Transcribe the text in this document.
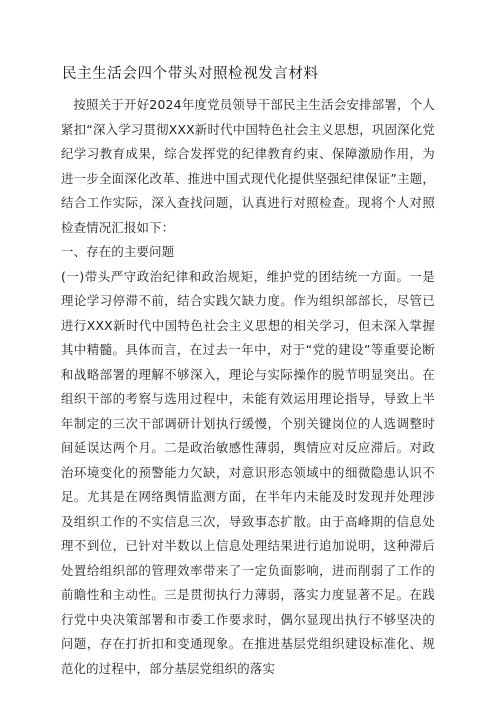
民主生活会四个带头对照检视发言材料

按照关于开好2024年度党员领导干部民主生活会安排部署，个人紧扣“深入学习贯彻XXX新时代中国特色社会主义思想，巩固深化党纪学习教育成果，综合发挥党的纪律教育约束、保障激励作用，为进一步全面深化改革、推进中国式现代化提供坚强纪律保证”主题，结合工作实际，深入查找问题，认真进行对照检查。现将个人对照检查情况汇报如下：

一、存在的主要问题

(一)带头严守政治纪律和政治规矩，维护党的团结统一方面。一是理论学习停滞不前，结合实践欠缺力度。作为组织部部长，尽管已进行XXX新时代中国特色社会主义思想的相关学习，但未深入掌握其中精髓。具体而言，在过去一年中，对于“党的建设”等重要论断和战略部署的理解不够深入，理论与实际操作的脱节明显突出。在组织干部的考察与选用过程中，未能有效运用理论指导，导致上半年制定的三次干部调研计划执行缓慢，个别关键岗位的人选调整时间延误达两个月。二是政治敏感性薄弱，舆情应对反应滞后。对政治环境变化的预警能力欠缺，对意识形态领域中的细微隐患认识不足。尤其是在网络舆情监测方面，在半年内未能及时发现并处理涉及组织工作的不实信息三次，导致事态扩散。由于高峰期的信息处理不到位，已针对半数以上信息处理结果进行追加说明，这种滞后处置给组织部的管理效率带来了一定负面影响，进而削弱了工作的前瞻性和主动性。三是贯彻执行力薄弱，落实力度显著不足。在践行党中央决策部署和市委工作要求时，偶尔显现出执行不够坚决的问题，存在打折扣和变通现象。在推进基层党组织建设标准化、规范化的过程中，部分基层党组织的落实
